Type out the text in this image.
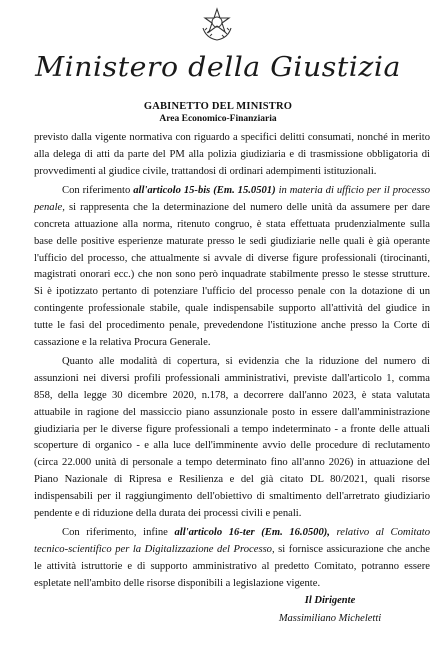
Ministero della Giustizia
GABINETTO DEL MINISTRO
Area Economico-Finanziaria

previsto dalla vigente normativa con riguardo a specifici delitti consumati, nonché in merito alla delega di atti da parte del PM alla polizia giudiziaria e di trasmissione obbligatoria di provvedimenti al giudice civile, trattandosi di ordinari adempimenti istituzionali.

Con riferimento all'articolo 15-bis (Em. 15.0501) in materia di ufficio per il processo penale, si rappresenta che la determinazione del numero delle unità da assumere per dare concreta attuazione alla norma, ritenuto congruo, è stata effettuata prudenzialmente sulla base delle positive esperienze maturate presso le sedi giudiziarie nelle quali è già operante l'ufficio del processo, che attualmente si avvale di diverse figure professionali (tirocinanti, magistrati onorari ecc.) che non sono però inquadrate stabilmente presso le stesse strutture. Si è ipotizzato pertanto di potenziare l'ufficio del processo penale con la dotazione di un contingente professionale stabile, quale indispensabile supporto all'attività del giudice in tutte le fasi del procedimento penale, prevedendone l'istituzione anche presso la Corte di cassazione e la relativa Procura Generale.

Quanto alle modalità di copertura, si evidenzia che la riduzione del numero di assunzioni nei diversi profili professionali amministrativi, previste dall'articolo 1, comma 858, della legge 30 dicembre 2020, n.178, a decorrere dall'anno 2023, è stata valutata attuabile in ragione del massiccio piano assunzionale posto in essere dall'amministrazione giudiziaria per le diverse figure professionali a tempo indeterminato - a fronte delle attuali scoperture di organico - e alla luce dell'imminente avvio delle procedure di reclutamento (circa 22.000 unità di personale a tempo determinato fino all'anno 2026) in attuazione del Piano Nazionale di Ripresa e Resilienza e del già citato DL 80/2021, quali risorse indispensabili per il raggiungimento dell'obiettivo di smaltimento dell'arretrato giudiziario pendente e di riduzione della durata dei processi civili e penali.

Con riferimento, infine all'articolo 16-ter (Em. 16.0500), relativo al Comitato tecnico-scientifico per la Digitalizzazione del Processo, si fornisce assicurazione che anche le attività istruttorie e di supporto amministrativo al predetto Comitato, potranno essere espletate nell'ambito delle risorse disponibili a legislazione vigente.

Il Dirigente
Massimiliano Micheletti
